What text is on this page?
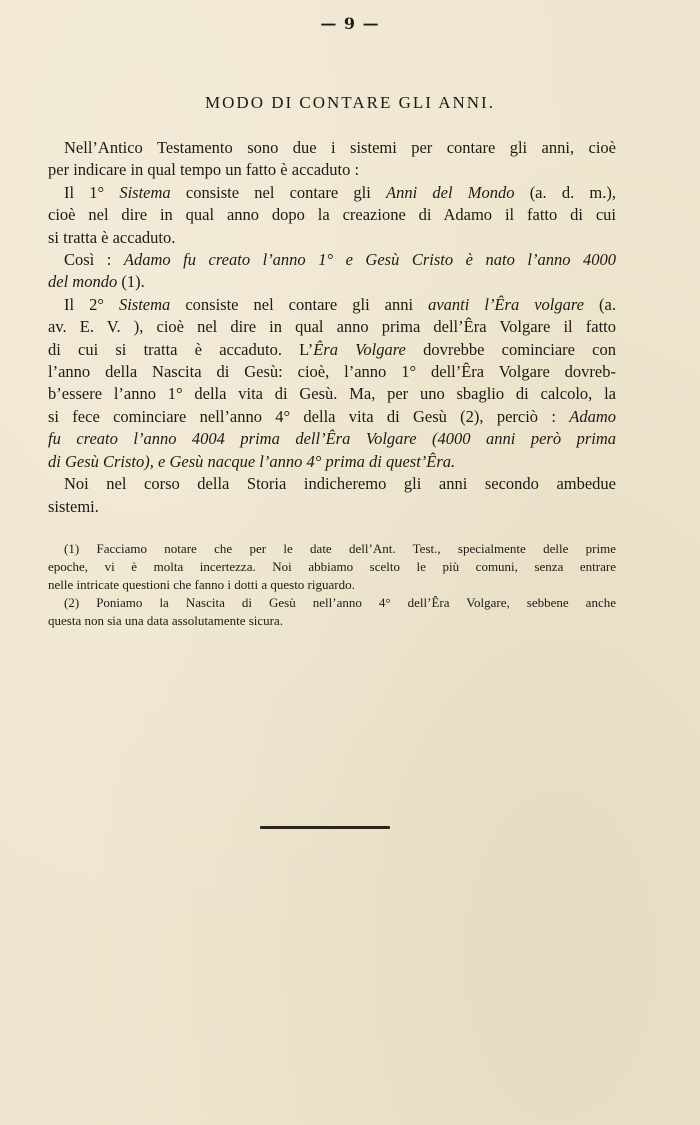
— 9 —
MODO DI CONTARE GLI ANNI.
Nell’Antico Testamento sono due i sistemi per contare gli anni, cioè
per indicare in qual tempo un fatto è accaduto :
Il 1° Sistema consiste nel contare gli Anni del Mondo (a. d. m.),
cioè nel dire in qual anno dopo la creazione di Adamo il fatto di cui
si tratta è accaduto.
Così : Adamo fu creato l’anno 1° e Gesù Cristo è nato l’anno 4000
del mondo (1).
Il 2° Sistema consiste nel contare gli anni avanti l’Êra volgare (a.
av. E. V. ), cioè nel dire in qual anno prima dell’Êra Volgare il fatto
di cui si tratta è accaduto. L’Êra Volgare dovrebbe cominciare con
l’anno della Nascita di Gesù: cioè, l’anno 1° dell’Êra Volgare dovreb-
b’essere l’anno 1° della vita di Gesù. Ma, per uno sbaglio di calcolo, la
si fece cominciare nell’anno 4° della vita di Gesù (2), perciò : Adamo
fu creato l’anno 4004 prima dell’Êra Volgare (4000 anni però prima
di Gesù Cristo), e Gesù nacque l’anno 4° prima di quest’Êra.
Noi nel corso della Storia indicheremo gli anni secondo ambedue
sistemi.
(1) Facciamo notare che per le date dell’Ant. Test., specialmente delle prime
epoche, vi è molta incertezza. Noi abbiamo scelto le più comuni, senza entrare
nelle intricate questioni che fanno i dotti a questo riguardo.
(2) Poniamo la Nascita di Gesù nell’anno 4° dell’Êra Volgare, sebbene anche
questa non sia una data assolutamente sicura.
